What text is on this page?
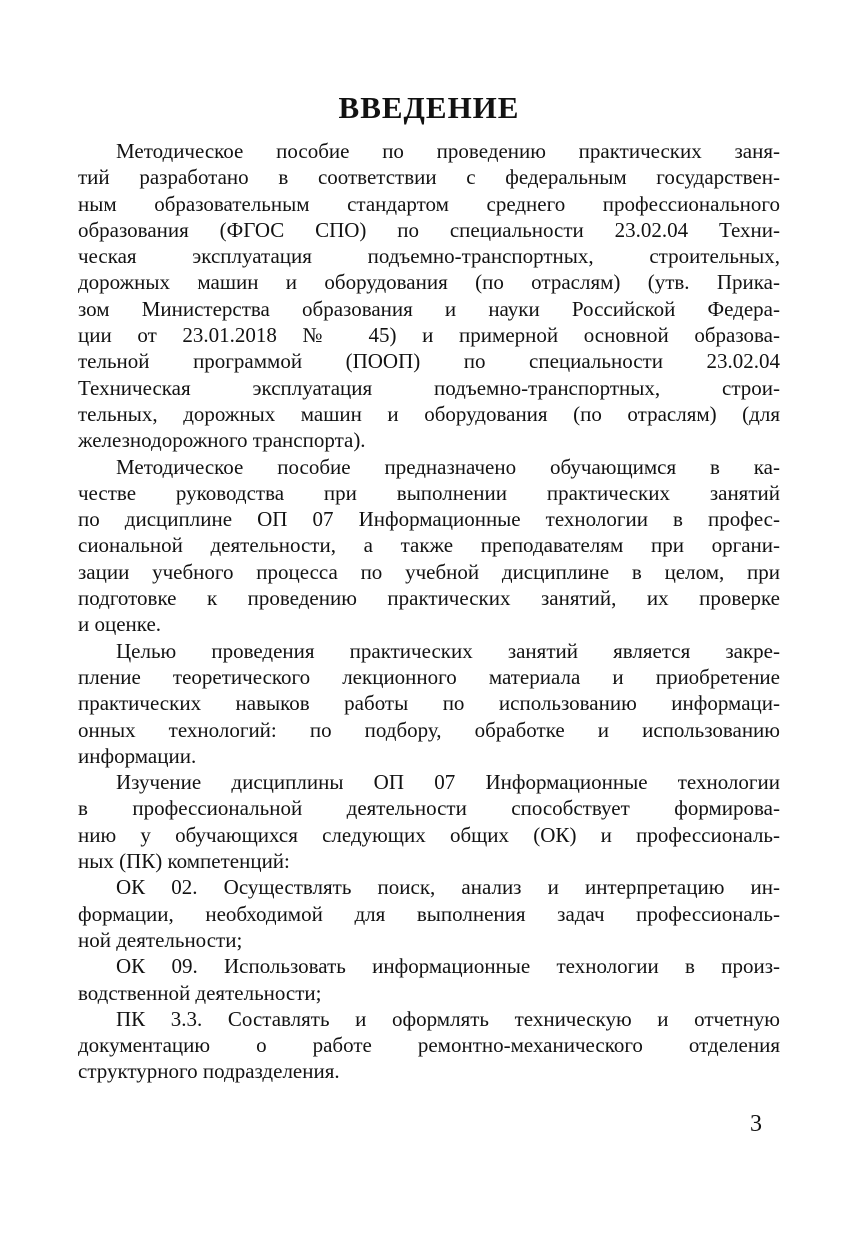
ВВЕДЕНИЕ
Методическое пособие по проведению практических заня-
тий разработано в соответствии с федеральным государствен-
ным образовательным стандартом среднего профессионального
образования (ФГОС СПО) по специальности 23.02.04 Техни-
ческая эксплуатация подъемно-транспортных, строительных,
дорожных машин и оборудования (по отраслям) (утв. Прика-
зом Министерства образования и науки Российской Федера-
ции от 23.01.2018 № 45) и примерной основной образова-
тельной программой (ПООП) по специальности 23.02.04
Техническая эксплуатация подъемно-транспортных, строи-
тельных, дорожных машин и оборудования (по отраслям) (для
железнодорожного транспорта).
Методическое пособие предназначено обучающимся в ка-
честве руководства при выполнении практических занятий
по дисциплине ОП 07 Информационные технологии в профес-
сиональной деятельности, а также преподавателям при органи-
зации учебного процесса по учебной дисциплине в целом, при
подготовке к проведению практических занятий, их проверке
и оценке.
Целью проведения практических занятий является закре-
пление теоретического лекционного материала и приобретение
практических навыков работы по использованию информаци-
онных технологий: по подбору, обработке и использованию
информации.
Изучение дисциплины ОП 07 Информационные технологии
в профессиональной деятельности способствует формирова-
нию у обучающихся следующих общих (ОК) и профессиональ-
ных (ПК) компетенций:
ОК 02. Осуществлять поиск, анализ и интерпретацию ин-
формации, необходимой для выполнения задач профессиональ-
ной деятельности;
ОК 09. Использовать информационные технологии в произ-
водственной деятельности;
ПК 3.3. Составлять и оформлять техническую и отчетную
документацию о работе ремонтно-механического отделения
структурного подразделения.
3
